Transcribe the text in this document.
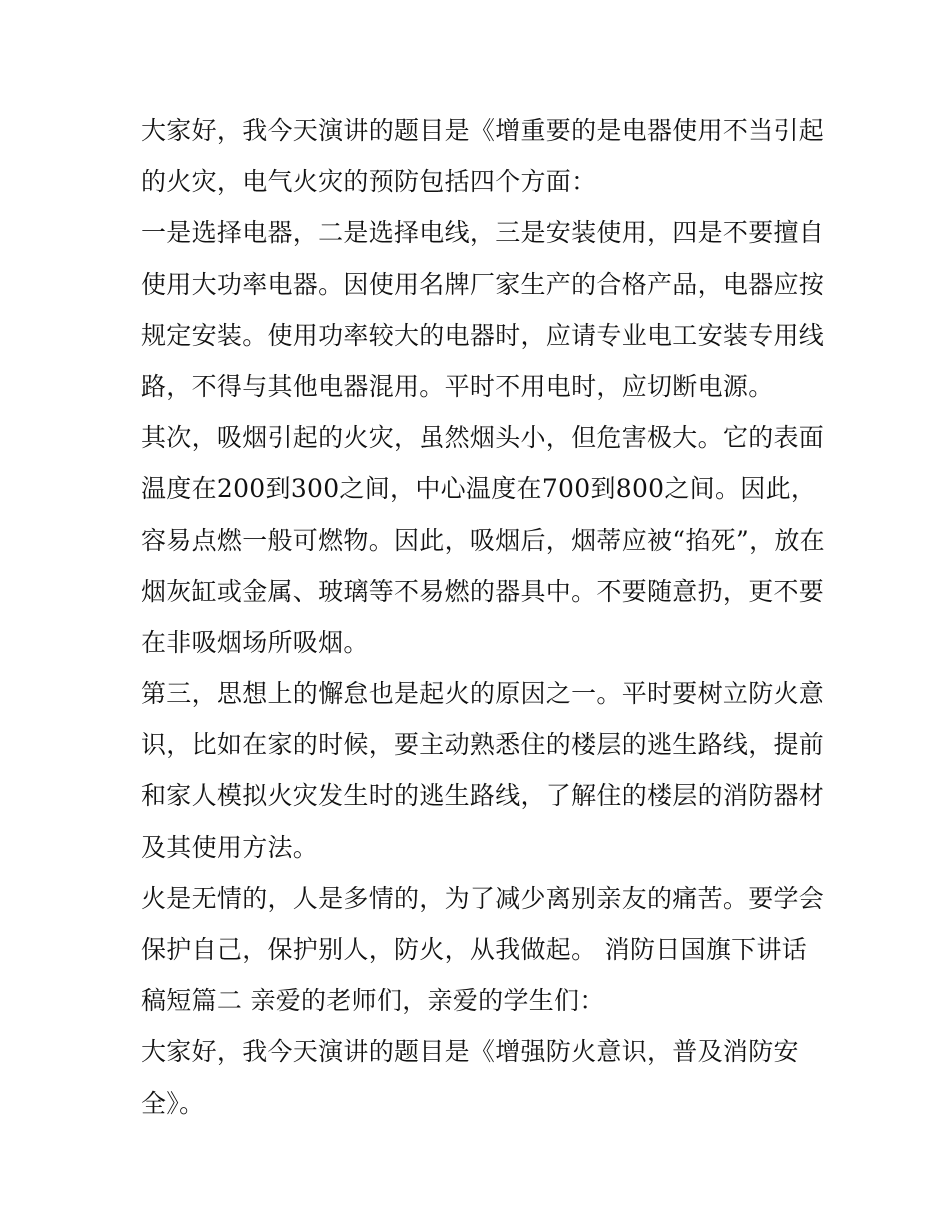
大家好，我今天演讲的题目是《增重要的是电器使用不当引起
的火灾，电气火灾的预防包括四个方面：
一是选择电器，二是选择电线，三是安装使用，四是不要擅自
使用大功率电器。因使用名牌厂家生产的合格产品，电器应按
规定安装。使用功率较大的电器时，应请专业电工安装专用线
路，不得与其他电器混用。平时不用电时，应切断电源。
其次，吸烟引起的火灾，虽然烟头小，但危害极大。它的表面
温度在200到300之间，中心温度在700到800之间。因此，
容易点燃一般可燃物。因此，吸烟后，烟蒂应被“掐死”，放在
烟灰缸或金属、玻璃等不易燃的器具中。不要随意扔，更不要
在非吸烟场所吸烟。
第三，思想上的懈怠也是起火的原因之一。平时要树立防火意
识，比如在家的时候，要主动熟悉住的楼层的逃生路线，提前
和家人模拟火灾发生时的逃生路线，了解住的楼层的消防器材
及其使用方法。
火是无情的，人是多情的，为了减少离别亲友的痛苦。要学会
保护自己，保护别人，防火，从我做起。 消防日国旗下讲话
稿短篇二 亲爱的老师们，亲爱的学生们：
大家好，我今天演讲的题目是《增强防火意识，普及消防安
全》。
